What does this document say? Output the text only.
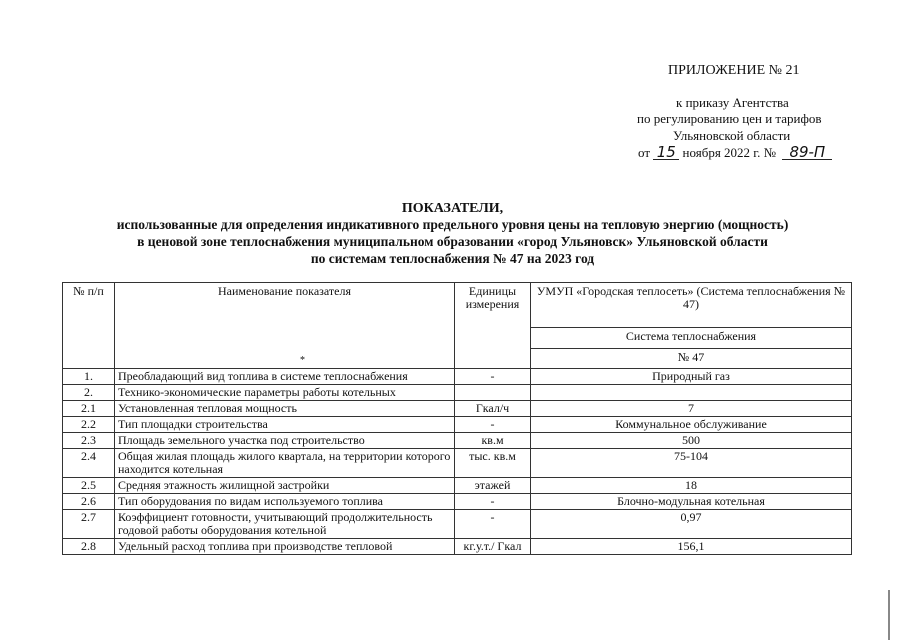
ПРИЛОЖЕНИЕ № 21
к приказу Агентства
по регулированию цен и тарифов
Ульяновской области
от 15 ноября 2022 г. № 89-П
ПОКАЗАТЕЛИ,
использованные для определения индикативного предельного уровня цены на тепловую энергию (мощность)
в ценовой зоне теплоснабжения муниципальном образовании «город Ульяновск» Ульяновской области
по системам теплоснабжения № 47 на 2023 год
№ п/п	Наименование показателя	Единицы измерения	УМУП «Городская теплосеть» (Система теплоснабжения № 47)
			Система теплоснабжения
			№ 47
1.	Преобладающий вид топлива в системе теплоснабжения	-	Природный газ
2.	Технико-экономические параметры работы котельных		
2.1	Установленная тепловая мощность	Гкал/ч	7
2.2	Тип площадки строительства	-	Коммунальное обслуживание
2.3	Площадь земельного участка под строительство	кв.м	500
2.4	Общая жилая площадь жилого квартала, на территории которого находится котельная	тыс. кв.м	75-104
2.5	Средняя этажность жилищной застройки	этажей	18
2.6	Тип оборудования по видам используемого топлива	-	Блочно-модульная котельная
2.7	Коэффициент готовности, учитывающий продолжительность годовой работы оборудования котельной	-	0,97
2.8	Удельный расход топлива при производстве тепловой	кг.у.т./ Гкал	156,1
*
